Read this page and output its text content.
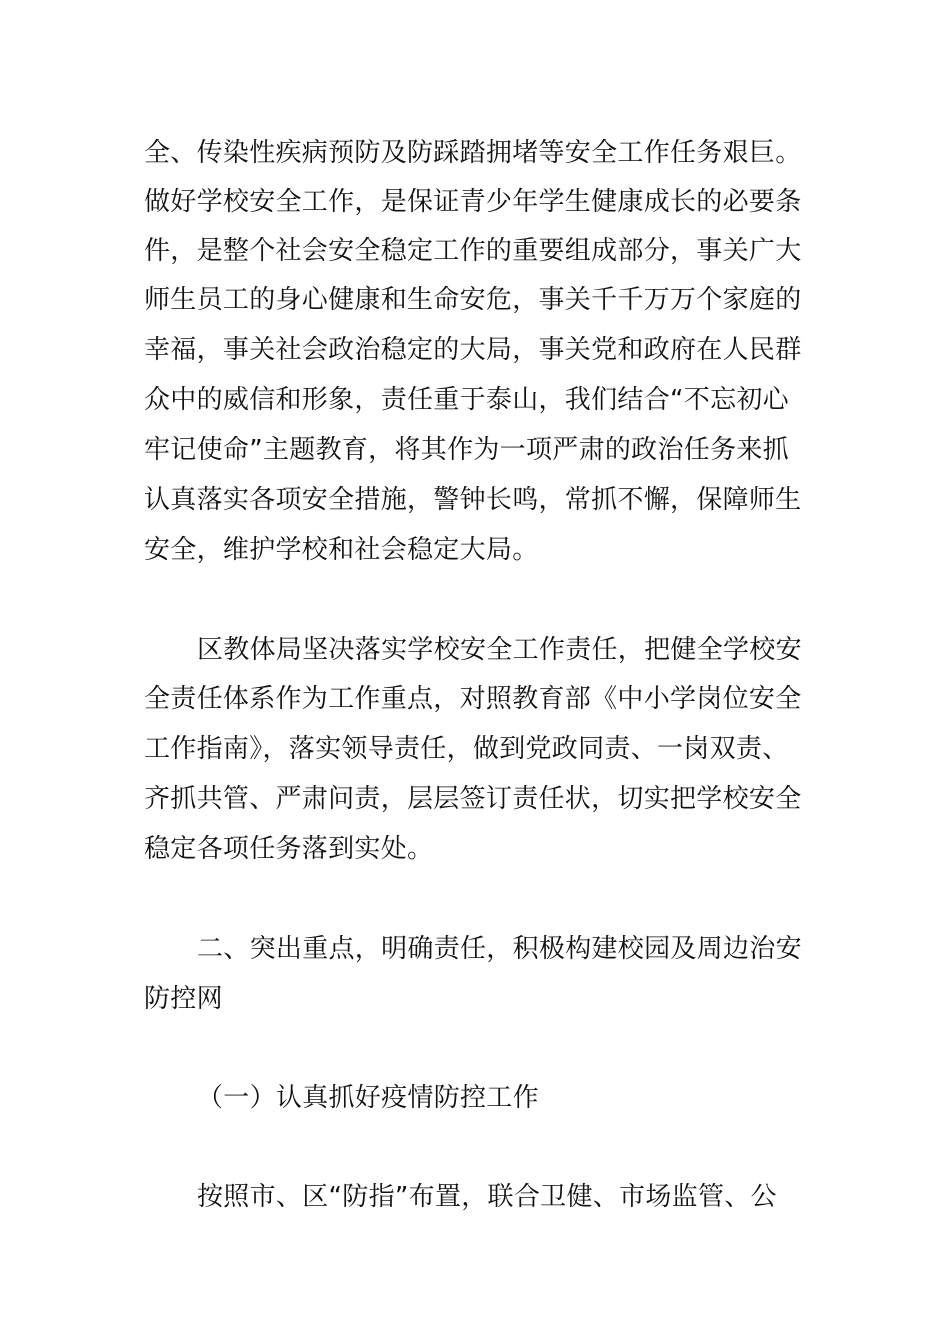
全、传染性疾病预防及防踩踏拥堵等安全工作任务艰巨。
做好学校安全工作，是保证青少年学生健康成长的必要条
件，是整个社会安全稳定工作的重要组成部分，事关广大
师生员工的身心健康和生命安危，事关千千万万个家庭的
幸福，事关社会政治稳定的大局，事关党和政府在人民群
众中的威信和形象，责任重于泰山，我们结合“不忘初心
牢记使命”主题教育，将其作为一项严肃的政治任务来抓
认真落实各项安全措施，警钟长鸣，常抓不懈，保障师生
安全，维护学校和社会稳定大局。
区教体局坚决落实学校安全工作责任，把健全学校安
全责任体系作为工作重点，对照教育部《中小学岗位安全
工作指南》，落实领导责任，做到党政同责、一岗双责、
齐抓共管、严肃问责，层层签订责任状，切实把学校安全
稳定各项任务落到实处。
二、突出重点，明确责任，积极构建校园及周边治安
防控网
（一）认真抓好疫情防控工作
按照市、区“防指”布置，联合卫健、市场监管、公
